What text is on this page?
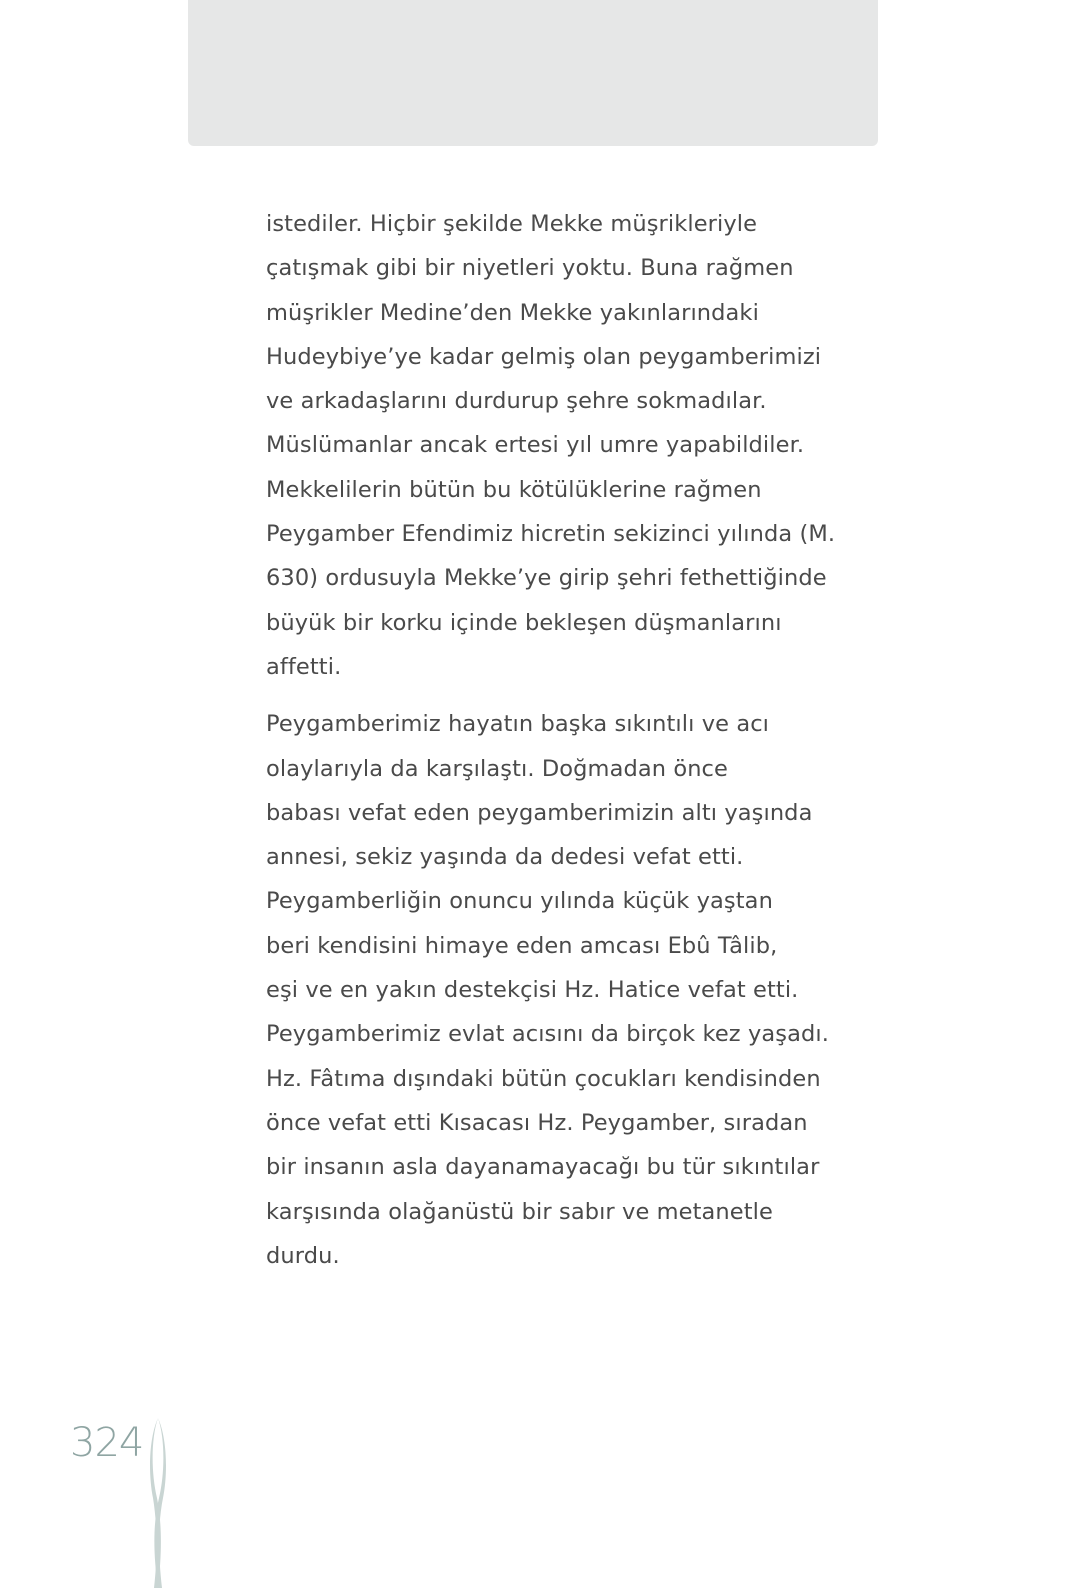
istediler. Hiçbir şekilde Mekke müşrikleriyle
çatışmak gibi bir niyetleri yoktu. Buna rağmen
müşrikler Medine’den Mekke yakınlarındaki
Hudeybiye’ye kadar gelmiş olan peygamberimizi
ve arkadaşlarını durdurup şehre sokmadılar.
Müslümanlar ancak ertesi yıl umre yapabildiler.
Mekkelilerin bütün bu kötülüklerine rağmen
Peygamber Efendimiz hicretin sekizinci yılında (M.
630) ordusuyla Mekke’ye girip şehri fethettiğinde
büyük bir korku içinde bekleşen düşmanlarını
affetti.

Peygamberimiz hayatın başka sıkıntılı ve acı
olaylarıyla da karşılaştı. Doğmadan önce
babası vefat eden peygamberimizin altı yaşında
annesi, sekiz yaşında da dedesi vefat etti.
Peygamberliğin onuncu yılında küçük yaştan
beri kendisini himaye eden amcası Ebû Tâlib,
eşi ve en yakın destekçisi Hz. Hatice vefat etti.
Peygamberimiz evlat acısını da birçok kez yaşadı.
Hz. Fâtıma dışındaki bütün çocukları kendisinden
önce vefat etti Kısacası Hz. Peygamber, sıradan
bir insanın asla dayanamayacağı bu tür sıkıntılar
karşısında olağanüstü bir sabır ve metanetle
durdu.

324
